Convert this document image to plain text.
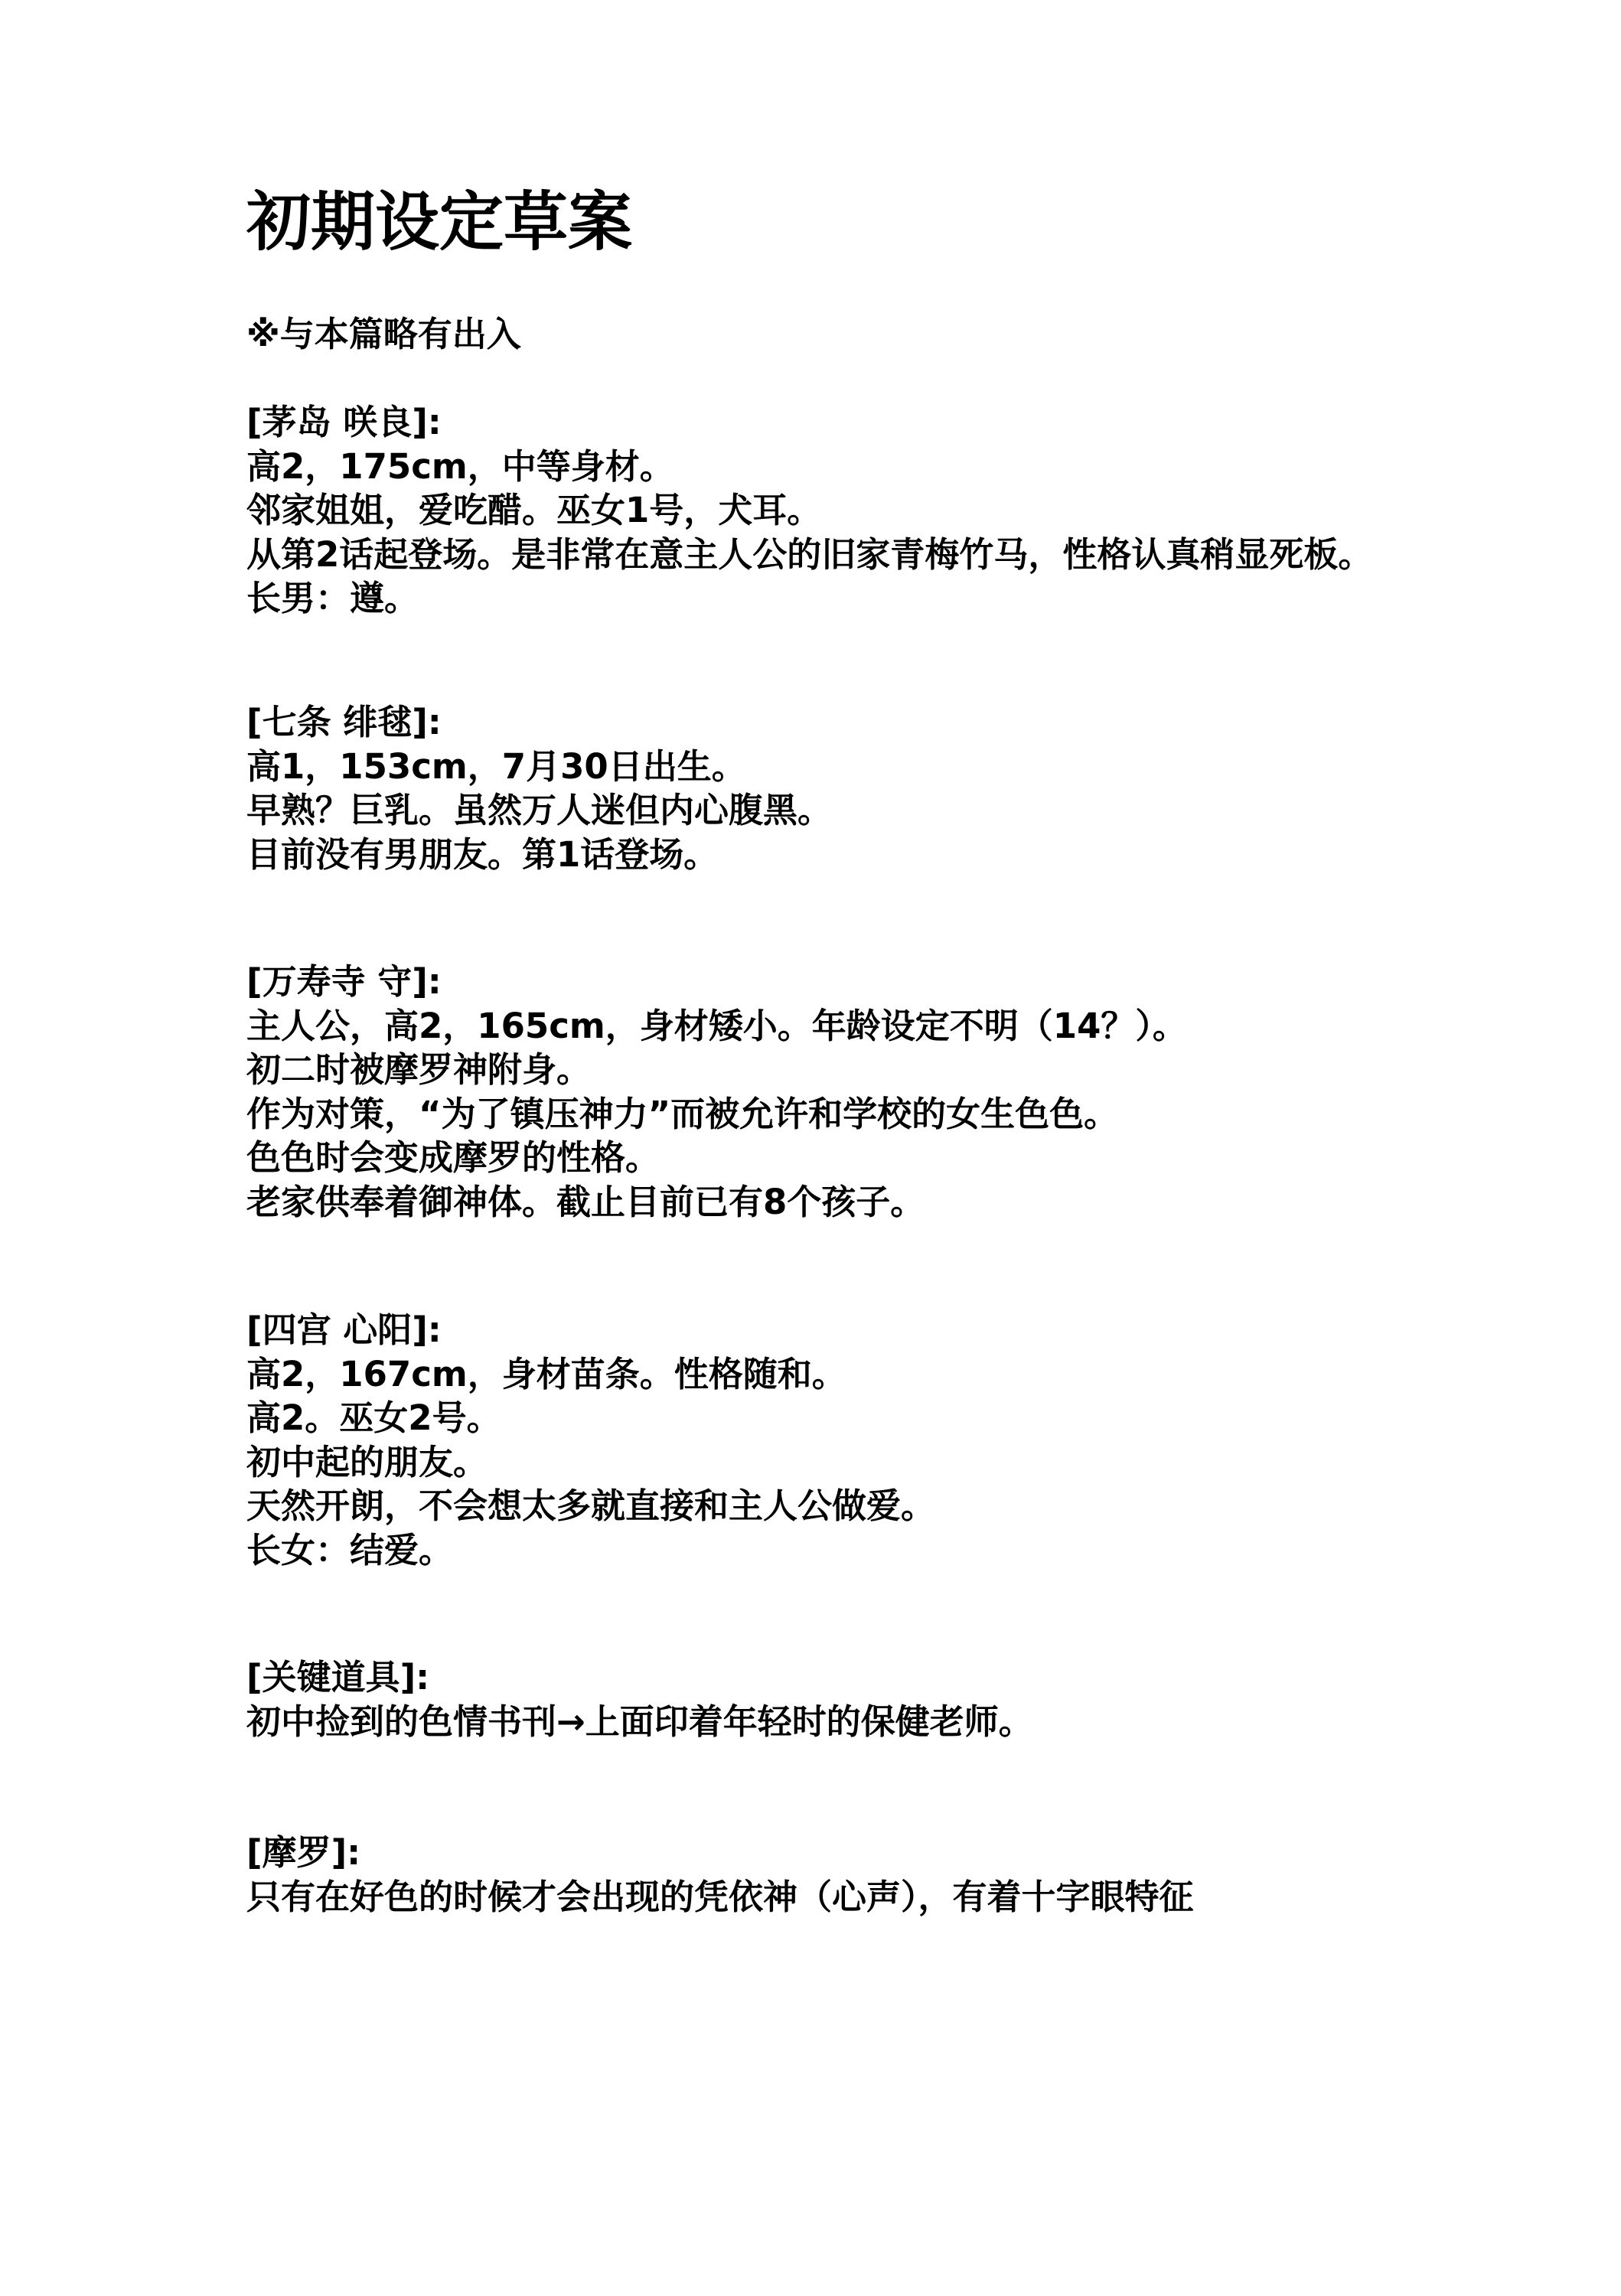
初期设定草案

※与本篇略有出入

[茅岛 咲良]:
高2，175cm，中等身材。
邻家姐姐，爱吃醋。巫女1号，犬耳。
从第2话起登场。是非常在意主人公的旧家青梅竹马，性格认真稍显死板。
长男：遵。
[七条 绯毬]:
高1，153cm，7月30日出生。
早熟？巨乳。虽然万人迷但内心腹黑。
目前没有男朋友。第1话登场。
[万寿寺 守]:
主人公，高2，165cm，身材矮小。年龄设定不明（14？）。
初二时被摩罗神附身。
作为对策，“为了镇压神力”而被允许和学校的女生色色。
色色时会变成摩罗的性格。
老家供奉着御神体。截止目前已有8个孩子。
[四宫 心阳]:
高2，167cm，身材苗条。性格随和。
高2。巫女2号。
初中起的朋友。
天然开朗，不会想太多就直接和主人公做爱。
长女：结爱。
[关键道具]:
初中捡到的色情书刊→上面印着年轻时的保健老师。
[摩罗]:
只有在好色的时候才会出现的凭依神（心声），有着十字眼特征
